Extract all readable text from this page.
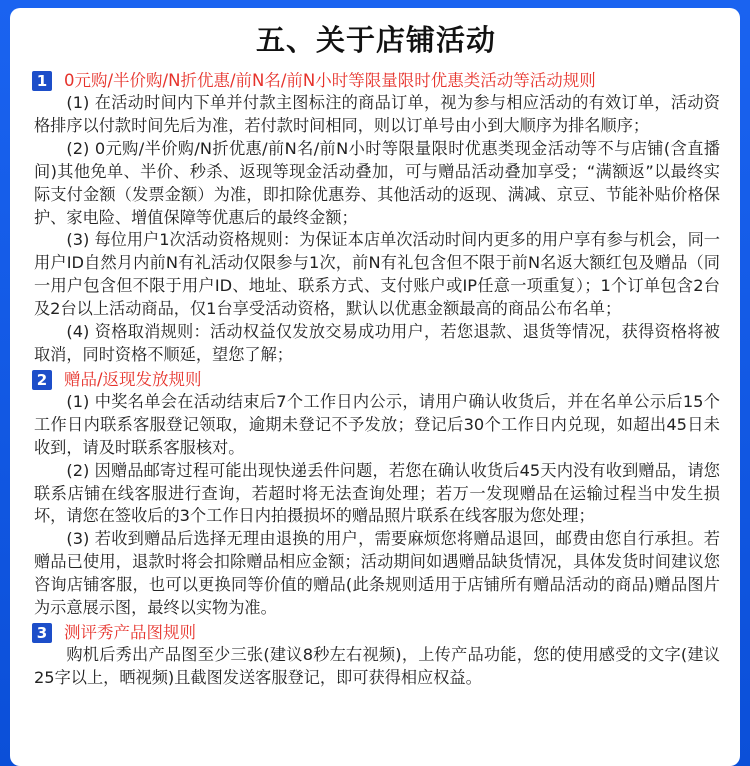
五、关于店铺活动
1 0元购/半价购/N折优惠/前N名/前N小时等限量限时优惠类活动等活动规则

(1) 在活动时间内下单并付款主图标注的商品订单，视为参与相应活动的有效订单，活动资格排序以付款时间先后为准，若付款时间相同，则以订单号由小到大顺序为排名顺序；

(2) 0元购/半价购/N折优惠/前N名/前N小时等限量限时优惠类现金活动等不与店铺(含直播间)其他免单、半价、秒杀、返现等现金活动叠加，可与赠品活动叠加享受；“满额返”以最终实际支付金额（发票金额）为准，即扣除优惠券、其他活动的返现、满减、京豆、节能补贴价格保护、家电险、增值保障等优惠后的最终金额；

(3) 每位用户1次活动资格规则：为保证本店单次活动时间内更多的用户享有参与机会，同一用户ID自然月内前N有礼活动仅限参与1次，前N有礼包含但不限于前N名返大额红包及赠品（同一用户包含但不限于用户ID、地址、联系方式、支付账户或IP任意一项重复）；1个订单包含2台及2台以上活动商品，仅1台享受活动资格，默认以优惠金额最高的商品公布名单；

(4) 资格取消规则：活动权益仅发放交易成功用户，若您退款、退货等情况，获得资格将被取消，同时资格不顺延，望您了解；

2 赠品/返现发放规则

(1) 中奖名单会在活动结束后7个工作日内公示，请用户确认收货后，并在名单公示后15个工作日内联系客服登记领取，逾期未登记不予发放；登记后30个工作日内兑现，如超出45日未收到，请及时联系客服核对。

(2) 因赠品邮寄过程可能出现快递丢件问题，若您在确认收货后45天内没有收到赠品，请您联系店铺在线客服进行查询，若超时将无法查询处理；若万一发现赠品在运输过程当中发生损坏，请您在签收后的3个工作日内拍摄损坏的赠品照片联系在线客服为您处理；

(3) 若收到赠品后选择无理由退换的用户，需要麻烦您将赠品退回，邮费由您自行承担。若赠品已使用，退款时将会扣除赠品相应金额；活动期间如遇赠品缺货情况，具体发货时间建议您咨询店铺客服，也可以更换同等价值的赠品(此条规则适用于店铺所有赠品活动的商品)赠品图片为示意展示图，最终以实物为准。

3 测评秀产品图规则

购机后秀出产品图至少三张(建议8秒左右视频)，上传产品功能，您的使用感受的文字(建议25字以上，晒视频)且截图发送客服登记，即可获得相应权益。
